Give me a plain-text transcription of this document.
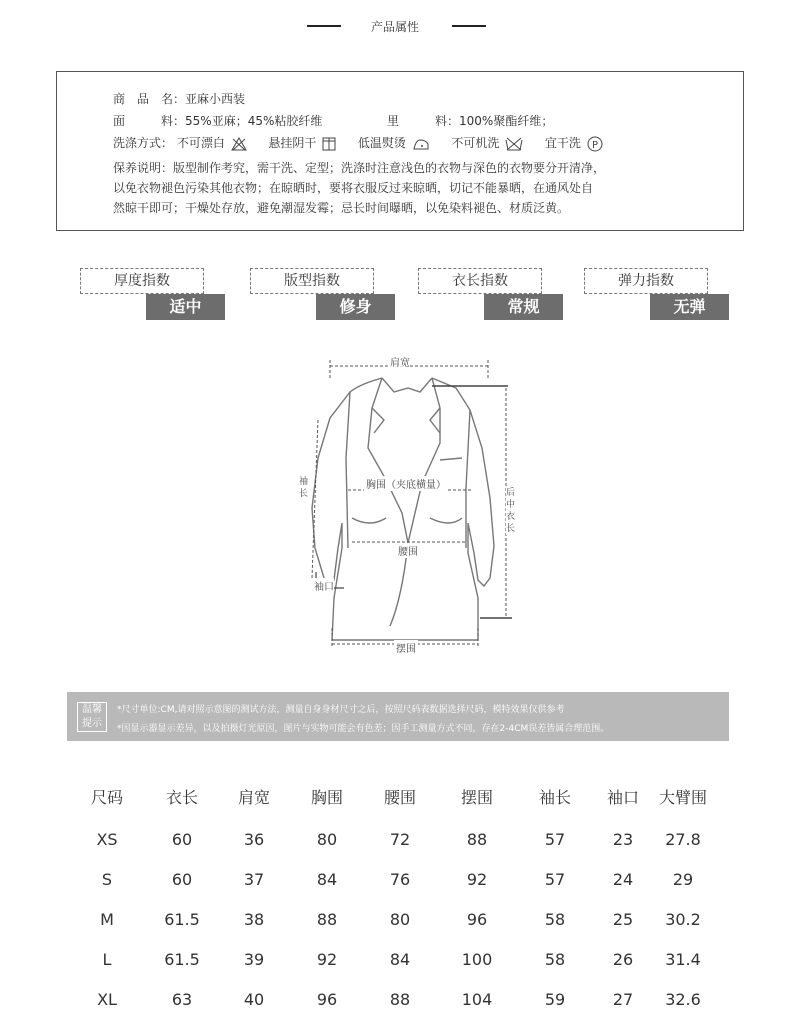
产品属性
商　品　名：亚麻小西装
面　　　料：55%亚麻；45%粘胶纤维	里　　　料：100%聚酯纤维；
洗涤方式： 不可漂白	悬挂阴干	低温熨烫	不可机洗	宜干洗 P
保养说明：版型制作考究，需干洗、定型；洗涤时注意浅色的衣物与深色的衣物要分开清净，
以免衣物褪色污染其他衣物；在晾晒时，要将衣服反过来晾晒，切记不能暴晒，在通风处自
然晾干即可；干燥处存放，避免潮湿发霉；忌长时间曝晒，以免染料褪色、材质泛黄。
厚度指数
适中
版型指数
修身
衣长指数
常规
弹力指数
无弹
肩宽
胸围（夹底横量）
腰围
摆围
袖长
袖口
后中衣长
温馨提示
*尺寸单位:CM,请对照示意图的测试方法，测量自身身材尺寸之后，按照尺码表数据选择尺码，模特效果仅供参考
*因显示器显示差异，以及拍摄灯光原因，图片与实物可能会有色差；因手工测量方式不同，存在2-4CM误差皆属合理范围。
尺码	衣长	肩宽	胸围	腰围	摆围	袖长	袖口	大臂围
XS	60	36	80	72	88	57	23	27.8
S	60	37	84	76	92	57	24	29
M	61.5	38	88	80	96	58	25	30.2
L	61.5	39	92	84	100	58	26	31.4
XL	63	40	96	88	104	59	27	32.6
